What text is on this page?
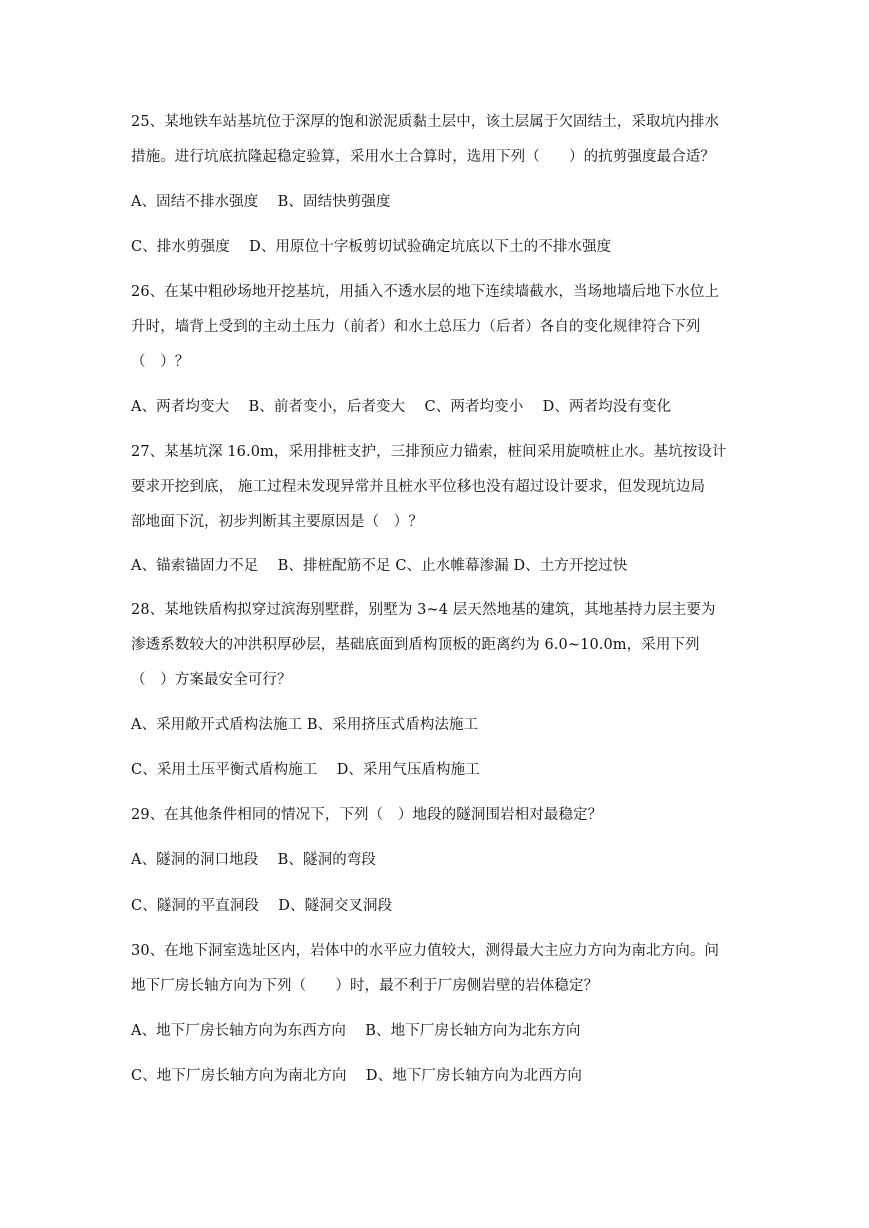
25、某地铁车站基坑位于深厚的饱和淤泥质黏土层中，该土层属于欠固结土，采取坑内排水
措施。进行坑底抗隆起稳定验算，采用水土合算时，选用下列（　　）的抗剪强度最合适？
A、固结不排水强度　 B、固结快剪强度
C、排水剪强度　 D、用原位十字板剪切试验确定坑底以下土的不排水强度
26、在某中粗砂场地开挖基坑，用插入不透水层的地下连续墙截水，当场地墙后地下水位上
升时，墙背上受到的主动土压力（前者）和水土总压力（后者）各自的变化规律符合下列
（　）？
A、两者均变大　 B、前者变小，后者变大　 C、两者均变小　 D、两者均没有变化
27、某基坑深 16.0m，采用排桩支护，三排预应力锚索，桩间采用旋喷桩止水。基坑按设计
要求开挖到底， 施工过程未发现异常并且桩水平位移也没有超过设计要求，但发现坑边局
部地面下沉，初步判断其主要原因是（　）？
A、锚索锚固力不足　 B、排桩配筋不足 C、止水帷幕渗漏 D、土方开挖过快
28、某地铁盾构拟穿过滨海别墅群，别墅为 3~4 层天然地基的建筑，其地基持力层主要为
渗透系数较大的冲洪积厚砂层，基础底面到盾构顶板的距离约为 6.0~10.0m，采用下列
（　）方案最安全可行？
A、采用敞开式盾构法施工 B、采用挤压式盾构法施工
C、采用土压平衡式盾构施工　 D、采用气压盾构施工
29、在其他条件相同的情况下，下列（　）地段的隧洞围岩相对最稳定？
A、隧洞的洞口地段　 B、隧洞的弯段
C、隧洞的平直洞段　 D、隧洞交叉洞段
30、在地下洞室选址区内，岩体中的水平应力值较大，测得最大主应力方向为南北方向。问
地下厂房长轴方向为下列（　　）时，最不利于厂房侧岩壁的岩体稳定？
A、地下厂房长轴方向为东西方向　 B、地下厂房长轴方向为北东方向
C、地下厂房长轴方向为南北方向　 D、地下厂房长轴方向为北西方向
